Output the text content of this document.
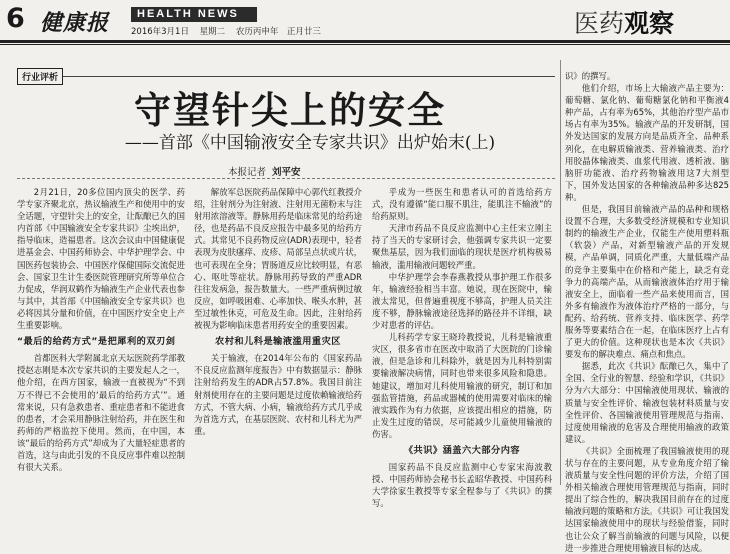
6 健康报	HEALTH NEWS
2016年3月1日 星期二 农历丙申年　正月廿三	医药观察
行业评析
守望针尖上的安全
——首部《中国输液安全专家共识》出炉始末(上)
本报记者 刘平安

2月21日，20多位国内顶尖的医学、药学专家齐聚北京，热议输液生产和使用中的安全话题，守望针尖上的安全，让酝酿已久的国内首部《中国输液安全专家共识》尘埃出炉，指导临床，造福患者。这次会议由中国健康促进基金会、中国药师协会、中华护理学会、中国医药包装协会、中国医疗保健国际交流促进会、国家卫生计生委医院管理研究所等单位合力促成，华润双鹤作为输液生产企业代表也参与其中，其首部《中国输液安全专家共识》也必将因其分量和价值，在中国医疗安全史上产生重要影响。

“最后的给药方式”是把犀利的双刃剑

首都医科大学附属北京天坛医院药学部教授赵志刚是本次专家共识的主要发起人之一，他介绍，在西方国家，输液一直被视为“不到万不得已不会使用的‘最后的给药方式’”。通常来说，只有急救患者、重症患者和不能进食的患者，才会采用静脉注射给药，并在医生和药师的严格监控下使用。然而，在中国，本该“最后的给药方式”却成为了大量轻症患者的首选，这与由此引发的不良反应事件难以控制有很大关系。

解放军总医院药品保障中心郭代红教授介绍，注射剂分为注射液、注射用无菌粉末与注射用浓溶液等。静脉用药是临床常见的给药途径，也是药品不良反应报告中最多见的给药方式。其常见不良药物反应(ADR)表现中，轻者表现为皮肤瘙痒、皮疹、局部呈点状或片状，也可表现在全身；胃肠道反应比较明显，有恶心、呕吐等症状。静脉用药导致的严重ADR往往发病急，报告数量大。一些严重病例过敏反应，如呼吸困难、心率加快、喉头水肿，甚至过敏性休克，可危及生命。因此，注射给药被视为影响临床患者用药安全的重要因素。

农村和儿科是输液滥用重灾区

关于输液，在2014年公布的《国家药品不良反应监测年度报告》中有数据显示：静脉注射给药发生的ADR占57.8%。我国目前注射剂使用存在的主要问题是过度依赖输液给药方式，不管大病、小病，输液给药方式几乎成为首选方式，在基层医院、农村和儿科尤为严重。

乎成为一些医生和患者认可的首选给药方式，没有遵循“能口服不肌注，能肌注不输液”的给药原则。

天津市药品不良反应监测中心主任宋立刚主持了当天的专家研讨会，他强调专家共识一定要聚焦基层，因为我们面临的现状是医疗机构极易输液，滥用输液问题较严重。

中华护理学会李春燕教授从事护理工作很多年，输液经验相当丰富。她说，现在医院中，输液太常见，但普遍重视度不够高，护理人员关注度不够，静脉输液途径选择的路径并不详细，缺少对患者的评估。

儿科药学专家王晓玲教授说，儿科是输液重灾区，很多省市在医改中取消了大医院的门诊输液，但是急诊和儿科除外，就是因为儿科特别需要输液解决病情，同时也带来很多风险和隐患。她建议，增加对儿科使用输液的研究，制订和加强监管措施，药品或器械的使用需要对临床的输液实践作为有力依据，应该提出相应的措施，防止发生过度的错误，尽可能减少儿童使用输液的伤害。

《共识》涵盖六大部分内容

国家药品不良反应监测中心专家宋海波教授、中国药师协会秘书长孟昭华教授、中国药科大学徐家生教授等专家全程参与了《共识》的撰写。

识》的撰写。

他们介绍，市场上大输液产品主要为：葡萄糖、氯化钠、葡萄糖氯化钠和平衡液4种产品，占有率为65%，其他治疗型产品市场占有率为35%。输液产品的开发研制，国外发达国家的发展方向是品质齐全、品种系列化，在电解质输液类、营养输液类、治疗用胶晶体输液类、血浆代用液、透析液、脑脑肝功能液、治疗药物输液用这7大剂型下，国外发达国家的各种输液品种多达825种。

但是，我国目前输液产品的品种和规格设置不合理，大多数受经济规模和专业知识制约的输液生产企业，仅能生产使用塑料瓶（软袋）产品，对新型输液产品的开发规模，产品单调，同质化严重，大量低端产品的竞争主要集中在价格和产能上，缺乏有竞争力的高端产品，从而输液液体治疗用于输液安全上，面临着一些产品来使用而言，国外多有输液作为液体治疗严格的一部分，与配药、给药统、营养支持、临床医学、药学服务等要素结合在一起，在临床医疗上占有了更大的价值。这种现状也是本次《共识》要发布的解决难点、痛点和焦点。

据悉，此次《共识》酝酿已久，集中了全国、全行业的智慧、经验和学识，《共识》分为六大部分：中国输液使用现状、输液的质量与安全性评价、输液包装材料质量与安全性评价、各国输液使用管理规范与指南、过度使用输液的危害及合理使用输液的政策建议。

《共识》全面梳理了我国输液使用的现状与存在的主要问题，从专业角度介绍了输液质量与安全性问题的评价方法，介绍了国外相关输液合理使用管理规范与指南，同时提出了综合性的，解决我国目前存在的过度输液问题的策略和方法。《共识》可让我国发达国家输液使用中的现状与经验借鉴，同时也让公众了解当前输液的问题与风险，以便进一步推进合理使用输液目标的达成。
